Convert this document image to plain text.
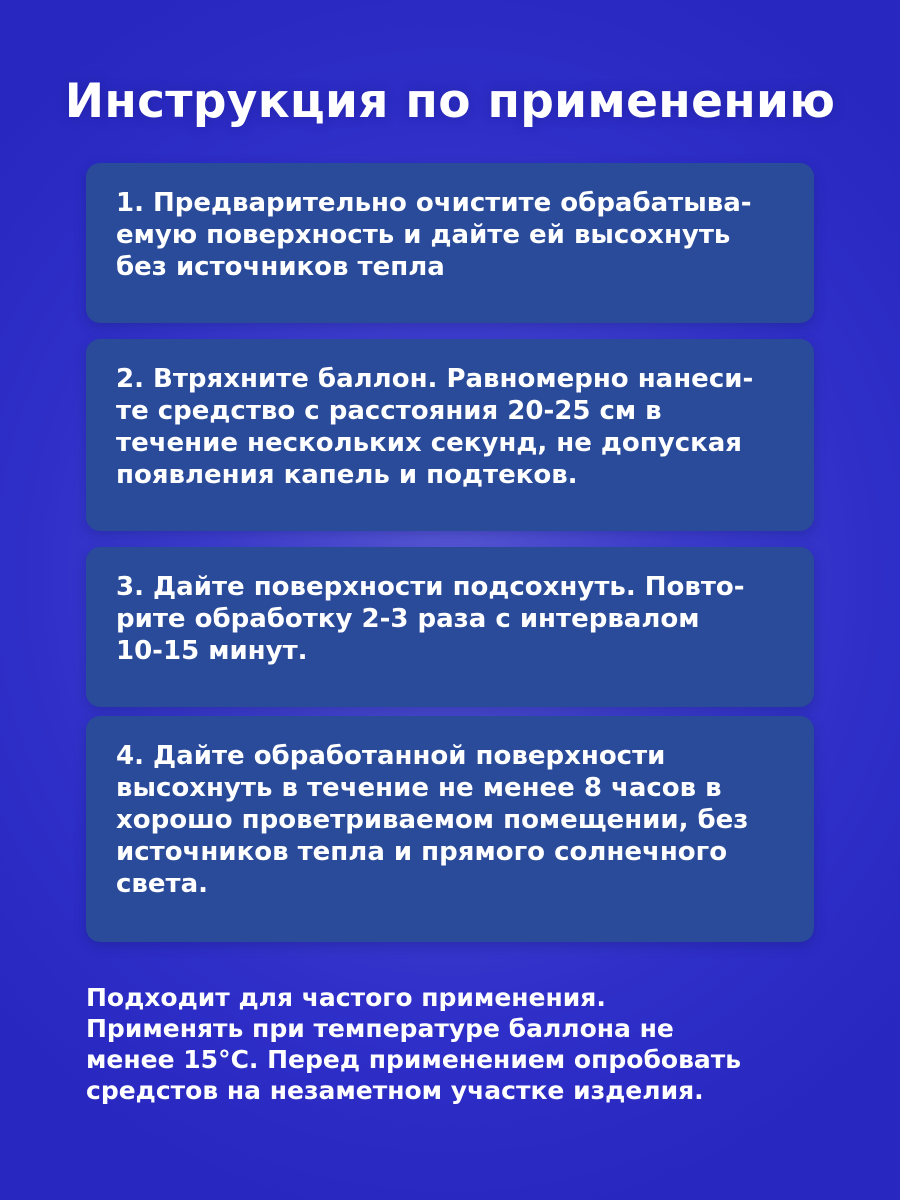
Инструкция по применению

1. Предварительно очистите обрабатыва-
емую поверхность и дайте ей высохнуть
без источников тепла

2. Втряхните баллон. Равномерно нанеси-
те средство с расстояния 20-25 см в
течение нескольких секунд, не допуская
появления капель и подтеков.

3. Дайте поверхности подсохнуть. Повто-
рите обработку 2-3 раза с интервалом
10-15 минут.

4. Дайте обработанной поверхности
высохнуть в течение не менее 8 часов в
хорошо проветриваемом помещении, без
источников тепла и прямого солнечного
света.

Подходит для частого применения.
Применять при температуре баллона не
менее 15°С. Перед применением опробовать
средстов на незаметном участке изделия.
